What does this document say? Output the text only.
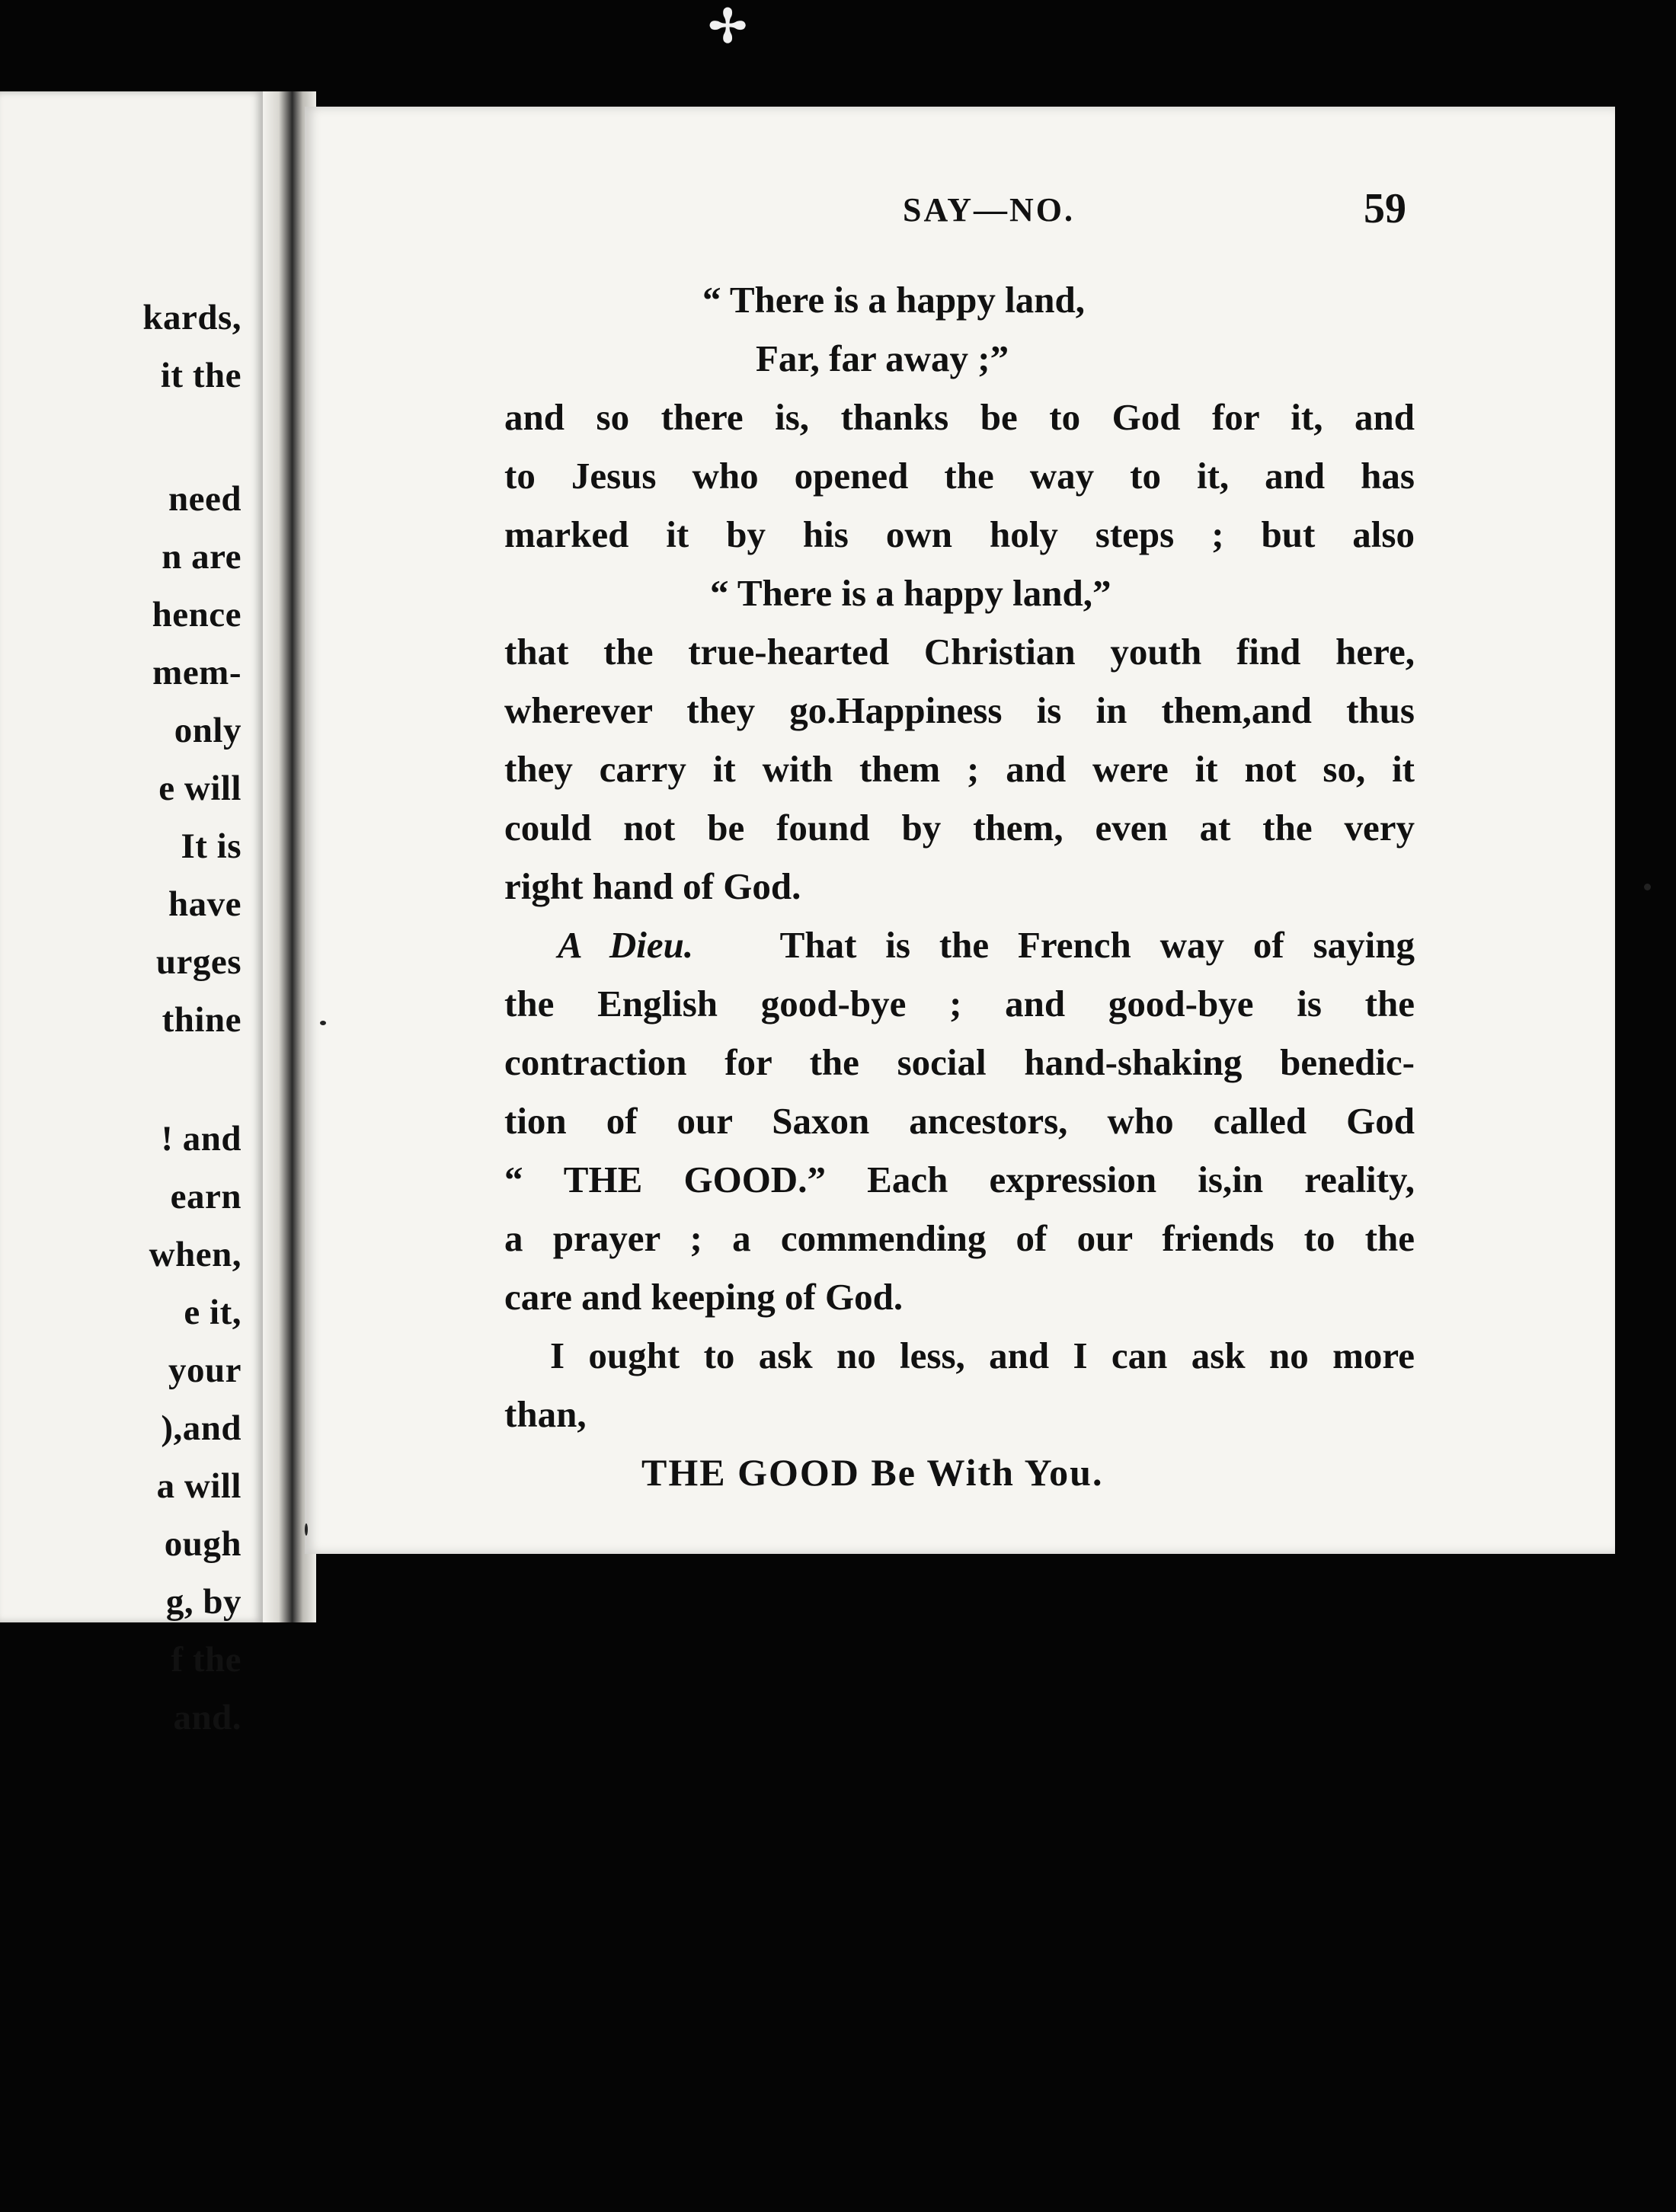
✢
kards,
it the
need
n are
hence
mem-
only
e will
It is
have
urges
thine
! and
earn
when,
e it,
your
),and
a will
ough
g, by
f the
and.
SAY—NO.	59
“ There is a happy land,
Far, far away ;”
and so there is, thanks be to God for it, and
to Jesus who opened the way to it, and has
marked it by his own holy steps ; but also
“ There is a happy land,”
that the true-hearted Christian youth find here,
wherever they go.Happiness is in them,and thus
they carry it with them ; and were it not so, it
could not be found by them, even at the very
right hand of God.
A Dieu. That is the French way of saying
the English good-bye ; and good-bye is the
contraction for the social hand-shaking benedic-
tion of our Saxon ancestors, who called God
“ THE GOOD.” Each expression is,in reality,
a prayer ; a commending of our friends to the
care and keeping of God.
I ought to ask no less, and I can ask no more
than,
THE GOOD Be With You.
